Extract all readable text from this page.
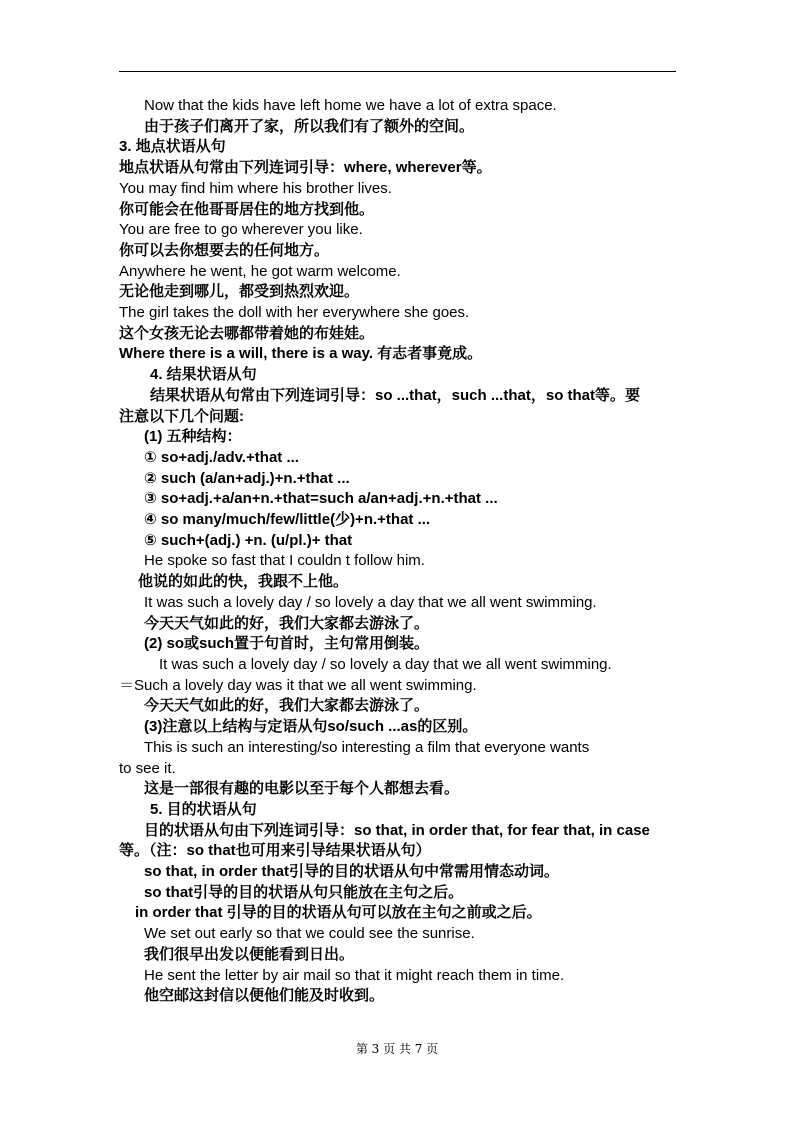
Now that the kids have left home we have a lot of extra space.
由于孩子们离开了家，所以我们有了额外的空间。
3. 地点状语从句
地点状语从句常由下列连词引导：where, wherever等。
You may find him where his brother lives.
你可能会在他哥哥居住的地方找到他。
You are free to go wherever you like.
你可以去你想要去的任何地方。
Anywhere he went, he got warm welcome.
无论他走到哪儿，都受到热烈欢迎。
The girl takes the doll with her everywhere she goes.
这个女孩无论去哪都带着她的布娃娃。
Where there is a will, there is a way. 有志者事竟成。
4. 结果状语从句
结果状语从句常由下列连词引导：so ...that，such ...that，so that等。要
注意以下几个问题:
(1) 五种结构：
① so+adj./adv.+that ...
② such (a/an+adj.)+n.+that ...
③ so+adj.+a/an+n.+that=such a/an+adj.+n.+that ...
④ so many/much/few/little(少)+n.+that ...
⑤ such+(adj.) +n. (u/pl.)+ that
He spoke so fast that I couldn t follow him.
他说的如此的快，我跟不上他。
It was such a lovely day / so lovely a day that we all went swimming.
今天天气如此的好，我们大家都去游泳了。
(2) so或such置于句首时，主句常用倒装。
It was such a lovely day / so lovely a day that we all went swimming.
＝Such a lovely day was it that we all went swimming.
今天天气如此的好，我们大家都去游泳了。
(3)注意以上结构与定语从句so/such ...as的区别。
This is such an interesting/so interesting a film that everyone wants
to see it.
这是一部很有趣的电影以至于每个人都想去看。
5. 目的状语从句
目的状语从句由下列连词引导：so that, in order that, for fear that, in case
等。（注：so that也可用来引导结果状语从句）
so that, in order that引导的目的状语从句中常需用情态动词。
so that引导的目的状语从句只能放在主句之后。
in order that 引导的目的状语从句可以放在主句之前或之后。
We set out early so that we could see the sunrise.
我们很早出发以便能看到日出。
He sent the letter by air mail so that it might reach them in time.
他空邮这封信以便他们能及时收到。
第 3 页 共 7 页
